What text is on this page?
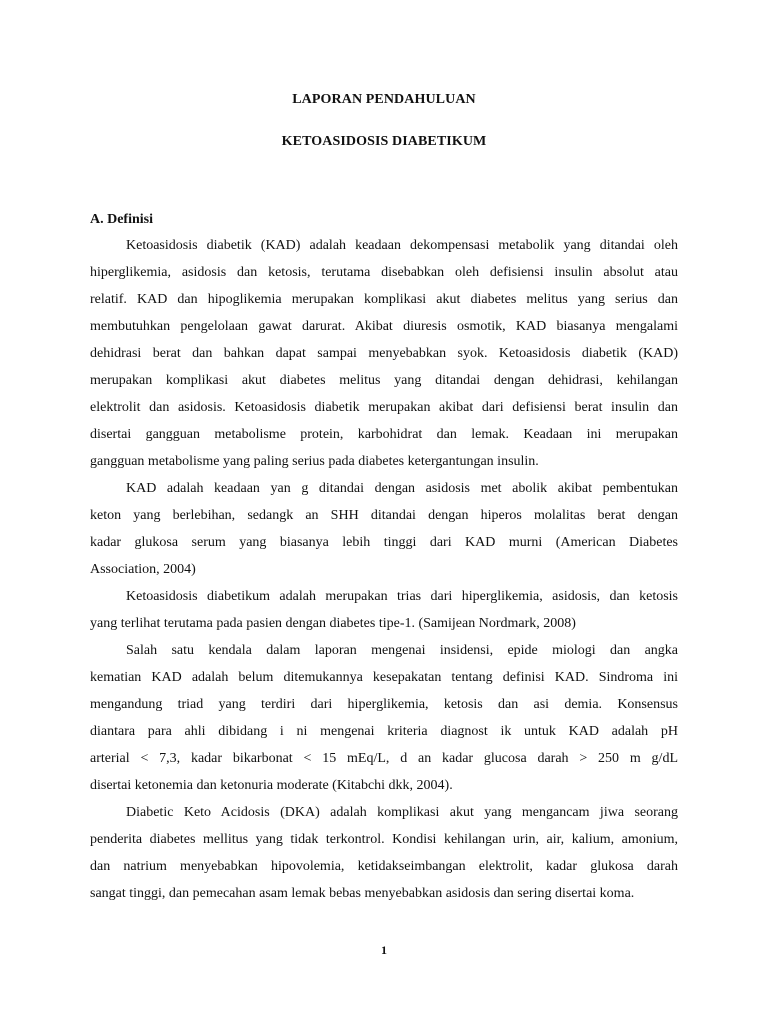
LAPORAN PENDAHULUAN
KETOASIDOSIS DIABETIKUM
A. Definisi
Ketoasidosis diabetik (KAD) adalah keadaan dekompensasi metabolik yang ditandai oleh
hiperglikemia, asidosis dan ketosis, terutama disebabkan oleh defisiensi insulin absolut atau
relatif. KAD dan hipoglikemia merupakan komplikasi akut diabetes melitus yang serius dan
membutuhkan pengelolaan gawat darurat. Akibat diuresis osmotik, KAD biasanya mengalami
dehidrasi berat dan bahkan dapat sampai menyebabkan syok. Ketoasidosis diabetik (KAD)
merupakan komplikasi akut diabetes melitus yang ditandai dengan dehidrasi, kehilangan
elektrolit dan asidosis. Ketoasidosis diabetik merupakan akibat dari defisiensi berat insulin dan
disertai gangguan metabolisme protein, karbohidrat dan lemak. Keadaan ini merupakan
gangguan metabolisme yang paling serius pada diabetes ketergantungan insulin.
KAD adalah keadaan yan g ditandai dengan asidosis met abolik akibat pembentukan
keton yang berlebihan, sedangk an SHH ditandai dengan hiperos molalitas berat dengan
kadar glukosa serum yang biasanya lebih tinggi dari KAD murni (American Diabetes
Association, 2004)
Ketoasidosis diabetikum adalah merupakan trias dari hiperglikemia, asidosis, dan ketosis
yang terlihat terutama pada pasien dengan diabetes tipe-1. (Samijean Nordmark, 2008)
Salah satu kendala dalam laporan mengenai insidensi, epide miologi dan angka
kematian KAD adalah belum ditemukannya kesepakatan tentang definisi KAD. Sindroma ini
mengandung triad yang terdiri dari hiperglikemia, ketosis dan asi demia. Konsensus
diantara para ahli dibidang i ni mengenai kriteria diagnost ik untuk KAD adalah pH
arterial < 7,3, kadar bikarbonat < 15 mEq/L, d an kadar glucosa darah > 250 m g/dL
disertai ketonemia dan ketonuria moderate (Kitabchi dkk, 2004).
Diabetic Keto Acidosis (DKA) adalah komplikasi akut yang mengancam jiwa seorang
penderita diabetes mellitus yang tidak terkontrol. Kondisi kehilangan urin, air, kalium, amonium,
dan natrium menyebabkan hipovolemia, ketidakseimbangan elektrolit, kadar glukosa darah
sangat tinggi, dan pemecahan asam lemak bebas menyebabkan asidosis dan sering disertai koma.
1
